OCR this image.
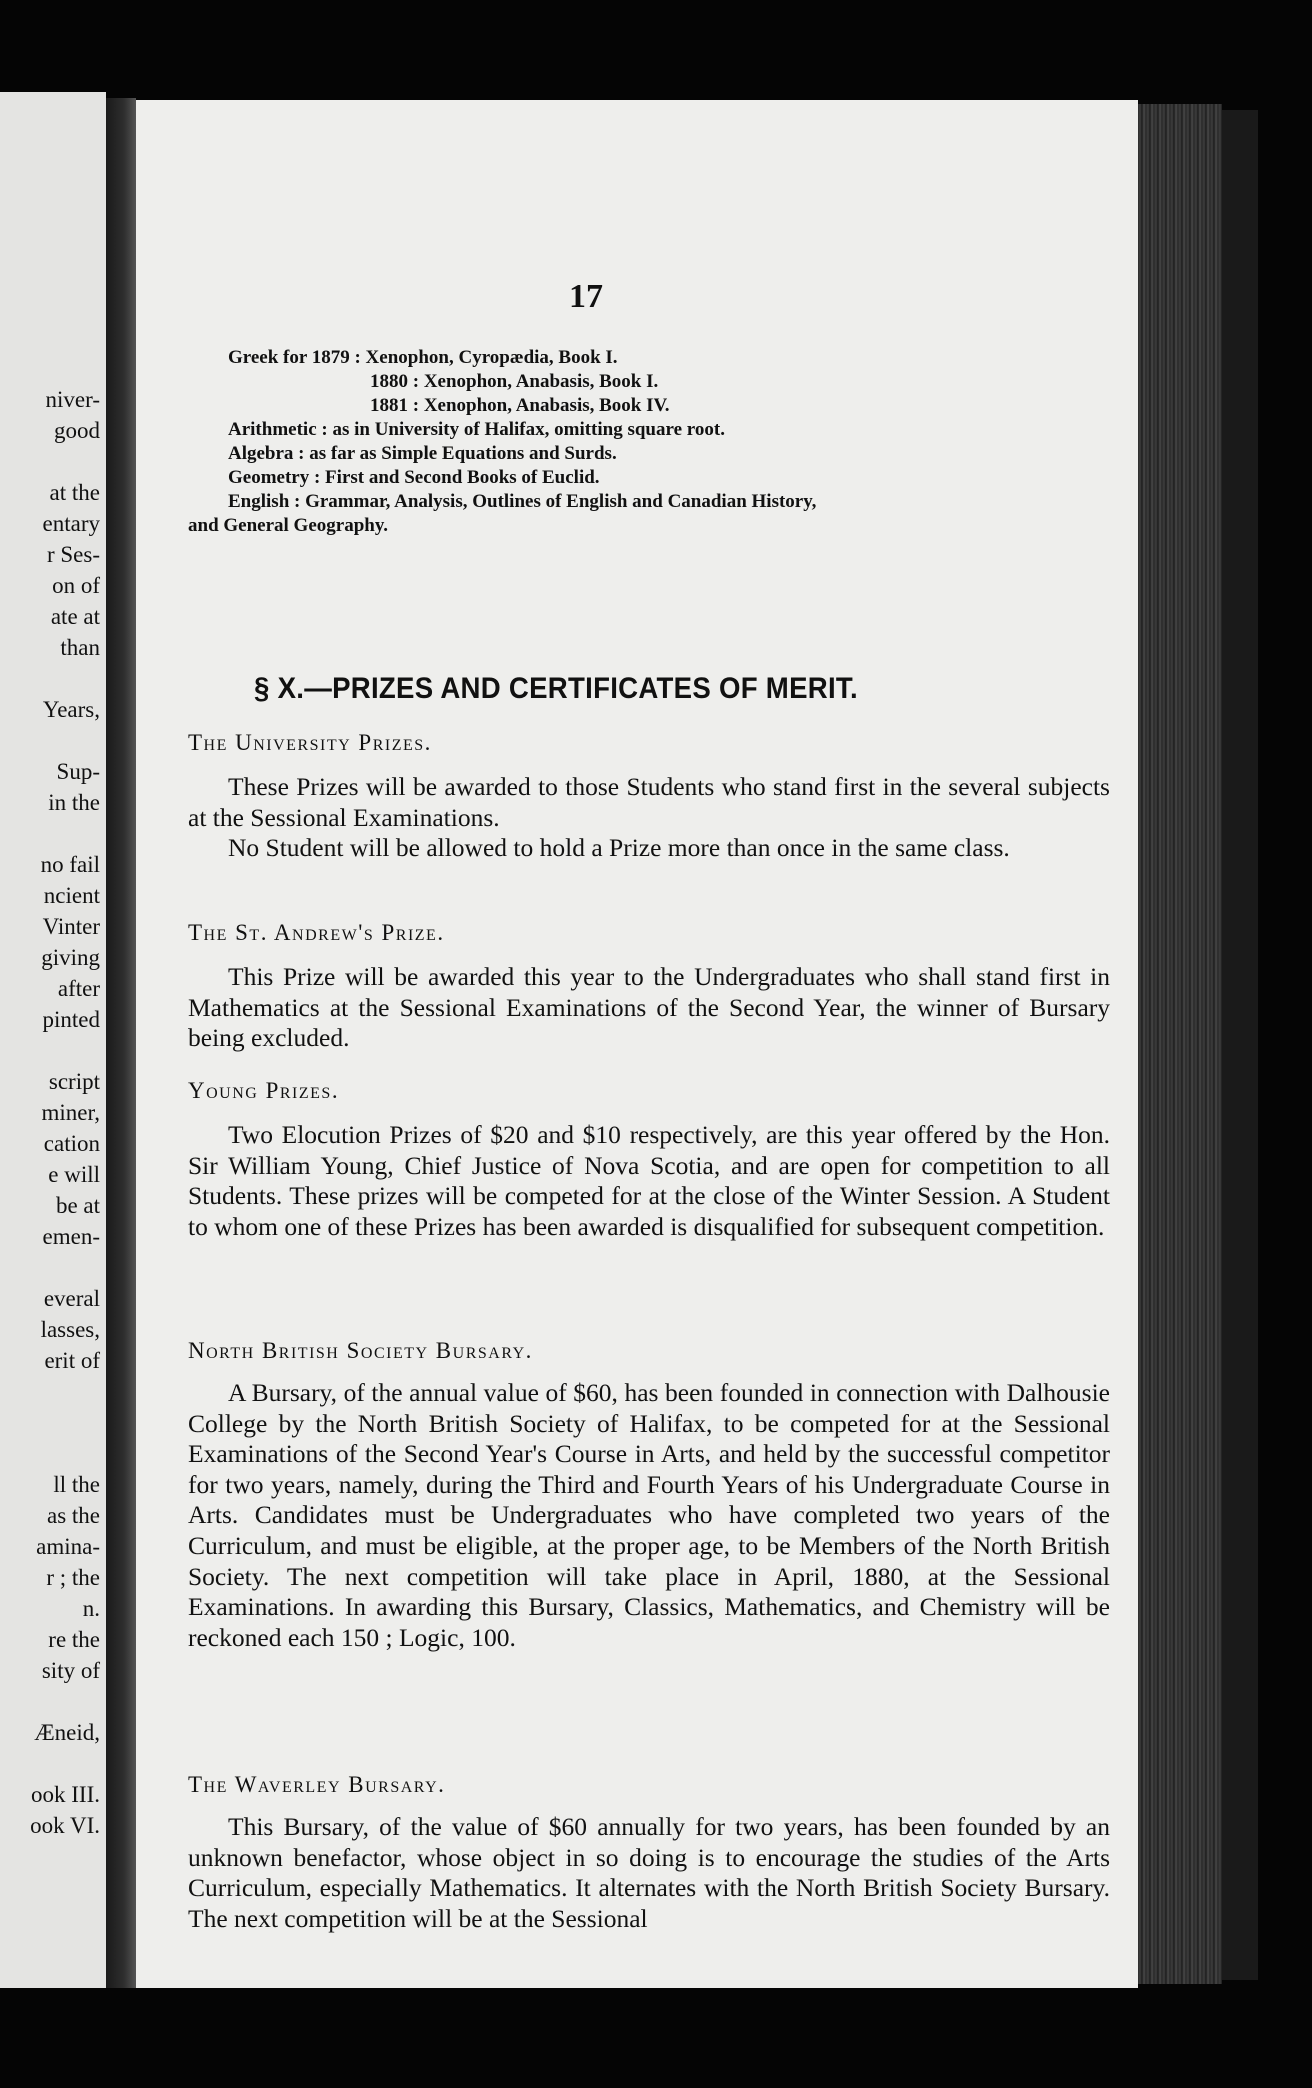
niver-
good
at the
entary
r Ses-
on of
ate at
than
Years,
Sup-
in the
no fail
ncient
Vinter
giving
after
pinted
script
miner,
cation
e will
be at
emen-
everal
lasses,
erit of
ll the
as the
amina-
r ; the
n.
re the
sity of
Æneid,
ook III.
ook VI.
17
Greek for 1879 : Xenophon, Cyropædia, Book I.
1880 : Xenophon, Anabasis, Book I.
1881 : Xenophon, Anabasis, Book IV.
Arithmetic : as in University of Halifax, omitting square root.
Algebra : as far as Simple Equations and Surds.
Geometry : First and Second Books of Euclid.
English : Grammar, Analysis, Outlines of English and Canadian History,
and General Geography.
§ X.—PRIZES AND CERTIFICATES OF MERIT.
The University Prizes.

These Prizes will be awarded to those Students who stand first in the several subjects at the Sessional Examinations.

No Student will be allowed to hold a Prize more than once in the same class.

The St. Andrew's Prize.

This Prize will be awarded this year to the Undergraduates who shall stand first in Mathematics at the Sessional Examinations of the Second Year, the winner of Bursary being excluded.

Young Prizes.

Two Elocution Prizes of $20 and $10 respectively, are this year offered by the Hon. Sir William Young, Chief Justice of Nova Scotia, and are open for competition to all Students. These prizes will be competed for at the close of the Winter Session. A Student to whom one of these Prizes has been awarded is disqualified for subsequent competition.

North British Society Bursary.

A Bursary, of the annual value of $60, has been founded in connection with Dalhousie College by the North British Society of Halifax, to be competed for at the Sessional Examinations of the Second Year's Course in Arts, and held by the successful competitor for two years, namely, during the Third and Fourth Years of his Undergraduate Course in Arts. Candidates must be Undergraduates who have completed two years of the Curriculum, and must be eligible, at the proper age, to be Members of the North British Society. The next competition will take place in April, 1880, at the Sessional Examinations. In awarding this Bursary, Classics, Mathematics, and Chemistry will be reckoned each 150 ; Logic, 100.

The Waverley Bursary.

This Bursary, of the value of $60 annually for two years, has been founded by an unknown benefactor, whose object in so doing is to encourage the studies of the Arts Curriculum, especially Mathematics. It alternates with the North British Society Bursary. The next competition will be at the Sessional
